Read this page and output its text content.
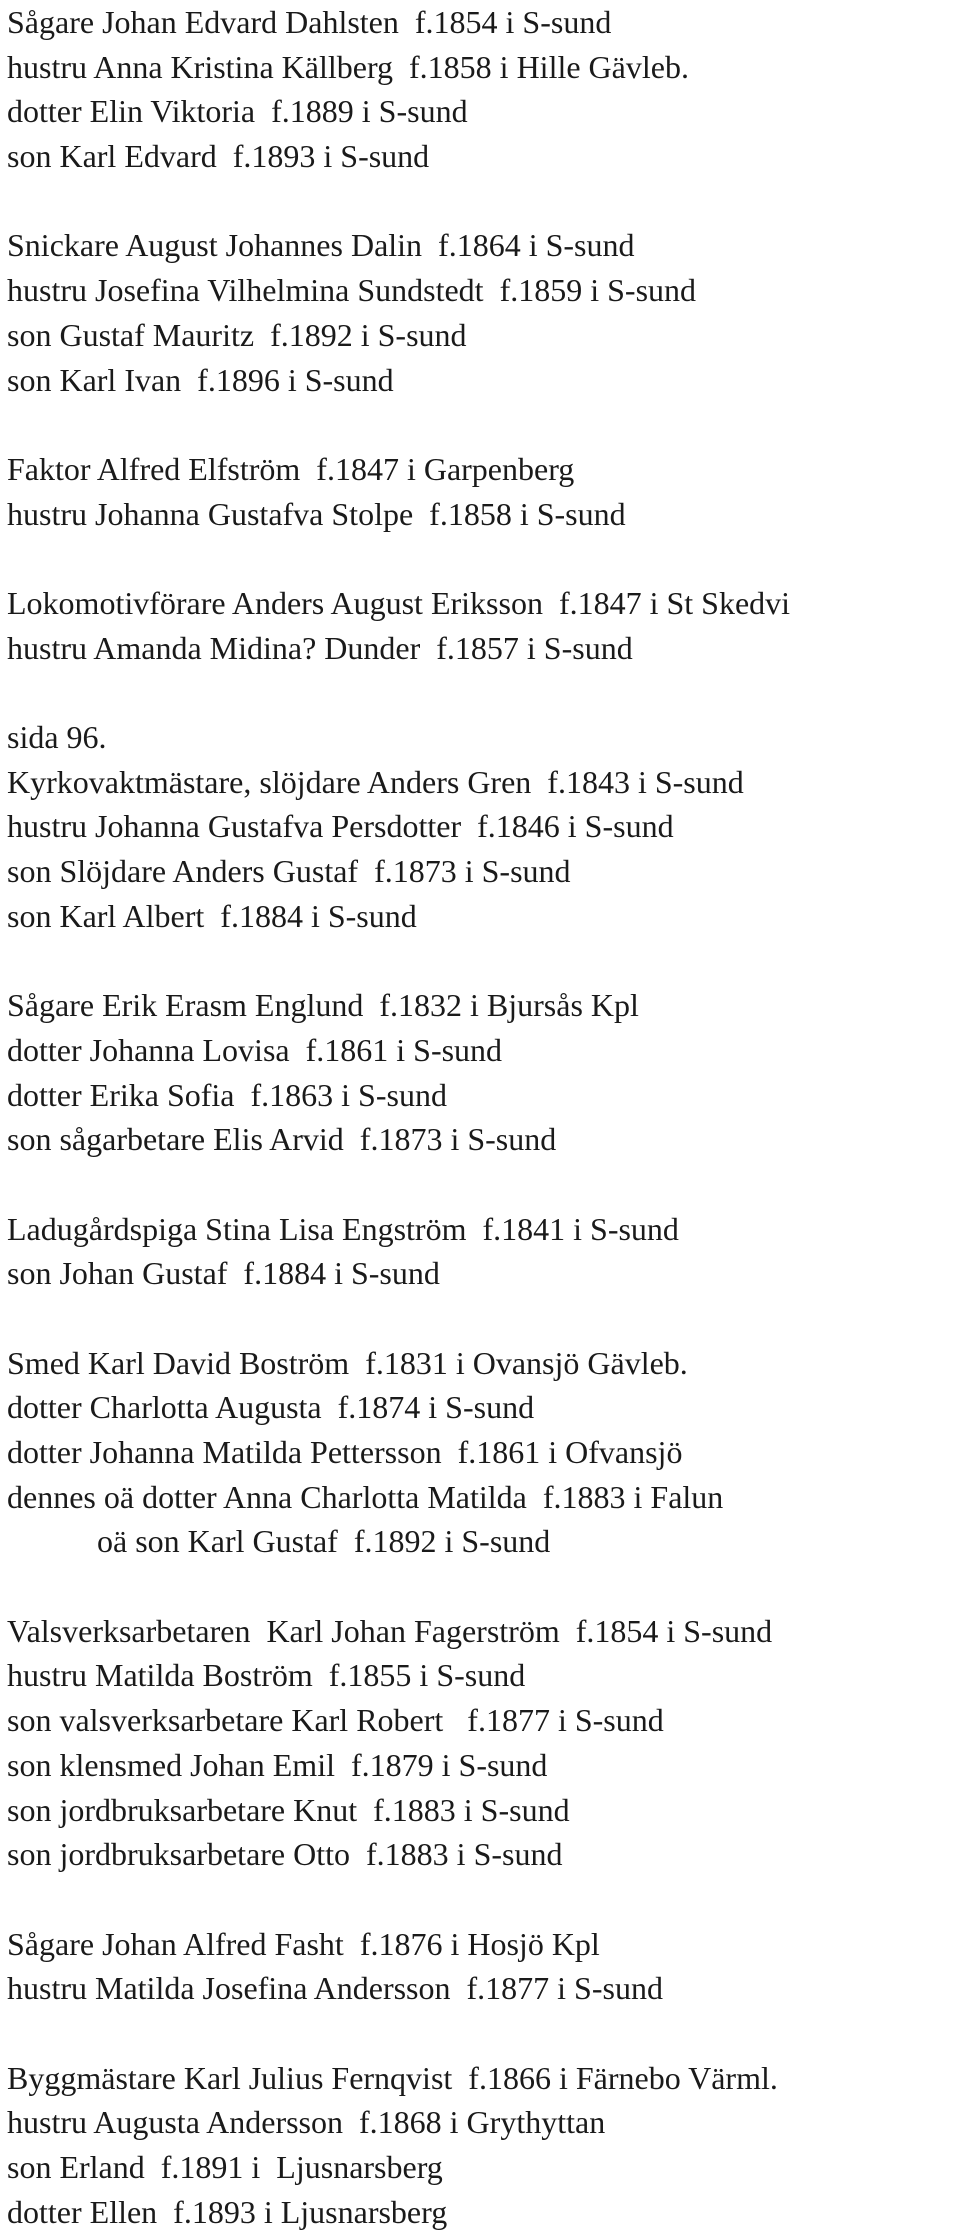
Sågare Johan Edvard Dahlsten  f.1854 i S-sund
hustru Anna Kristina Källberg  f.1858 i Hille Gävleb.
dotter Elin Viktoria  f.1889 i S-sund
son Karl Edvard  f.1893 i S-sund
Snickare August Johannes Dalin  f.1864 i S-sund
hustru Josefina Vilhelmina Sundstedt  f.1859 i S-sund
son Gustaf Mauritz  f.1892 i S-sund
son Karl Ivan  f.1896 i S-sund
Faktor Alfred Elfström  f.1847 i Garpenberg
hustru Johanna Gustafva Stolpe  f.1858 i S-sund
Lokomotivförare Anders August Eriksson  f.1847 i St Skedvi
hustru Amanda Midina? Dunder  f.1857 i S-sund
sida 96.
Kyrkovaktmästare, slöjdare Anders Gren  f.1843 i S-sund
hustru Johanna Gustafva Persdotter  f.1846 i S-sund
son Slöjdare Anders Gustaf  f.1873 i S-sund
son Karl Albert  f.1884 i S-sund
Sågare Erik Erasm Englund  f.1832 i Bjursås Kpl
dotter Johanna Lovisa  f.1861 i S-sund
dotter Erika Sofia  f.1863 i S-sund
son sågarbetare Elis Arvid  f.1873 i S-sund
Ladugårdspiga Stina Lisa Engström  f.1841 i S-sund
son Johan Gustaf  f.1884 i S-sund
Smed Karl David Boström  f.1831 i Ovansjö Gävleb.
dotter Charlotta Augusta  f.1874 i S-sund
dotter Johanna Matilda Pettersson  f.1861 i Ofvansjö
dennes oä dotter Anna Charlotta Matilda  f.1883 i Falun
oä son Karl Gustaf  f.1892 i S-sund
Valsverksarbetaren  Karl Johan Fagerström  f.1854 i S-sund
hustru Matilda Boström  f.1855 i S-sund
son valsverksarbetare Karl Robert   f.1877 i S-sund
son klensmed Johan Emil  f.1879 i S-sund
son jordbruksarbetare Knut  f.1883 i S-sund
son jordbruksarbetare Otto  f.1883 i S-sund
Sågare Johan Alfred Fasht  f.1876 i Hosjö Kpl
hustru Matilda Josefina Andersson  f.1877 i S-sund
Byggmästare Karl Julius Fernqvist  f.1866 i Färnebo Värml.
hustru Augusta Andersson  f.1868 i Grythyttan
son Erland  f.1891 i  Ljusnarsberg
dotter Ellen  f.1893 i Ljusnarsberg
